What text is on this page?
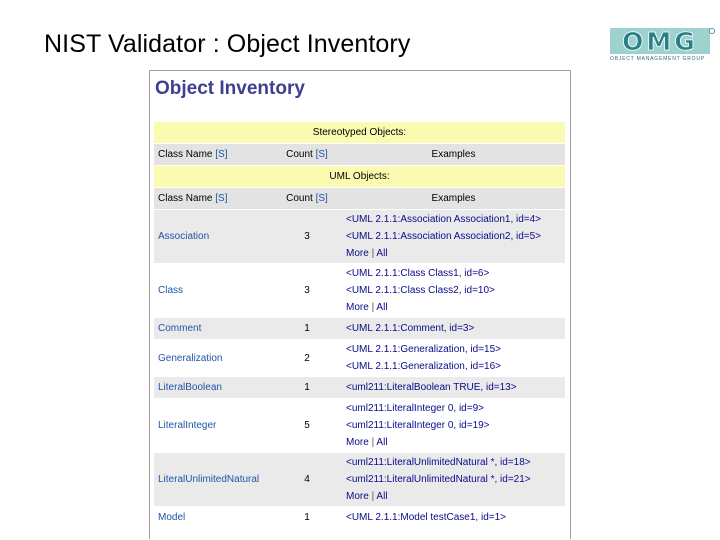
NIST Validator : Object Inventory	OMG
OBJECT MANAGEMENT GROUP
Object Inventory
Stereotyped Objects:		
Class Name [S]	Count [S]	Examples
UML Objects:		
Class Name [S]	Count [S]	Examples
Association	3	<UML 2.1.1:Association Association1, id=4>
<UML 2.1.1:Association Association2, id=5>
More | All

Class	3	<UML 2.1.1:Class Class1, id=6>
<UML 2.1.1:Class Class2, id=10>
More | All

Comment	1	<UML 2.1.1:Comment, id=3>

Generalization	2	<UML 2.1.1:Generalization, id=15>
<UML 2.1.1:Generalization, id=16>

LiteralBoolean	1	<uml211:LiteralBoolean TRUE, id=13>

LiteralInteger	5	<uml211:LiteralInteger 0, id=9>
<uml211:LiteralInteger 0, id=19>
More | All

LiteralUnlimitedNatural	4	<uml211:LiteralUnlimitedNatural *, id=18>
<uml211:LiteralUnlimitedNatural *, id=21>
More | All

Model	1	<UML 2.1.1:Model testCase1, id=1>
